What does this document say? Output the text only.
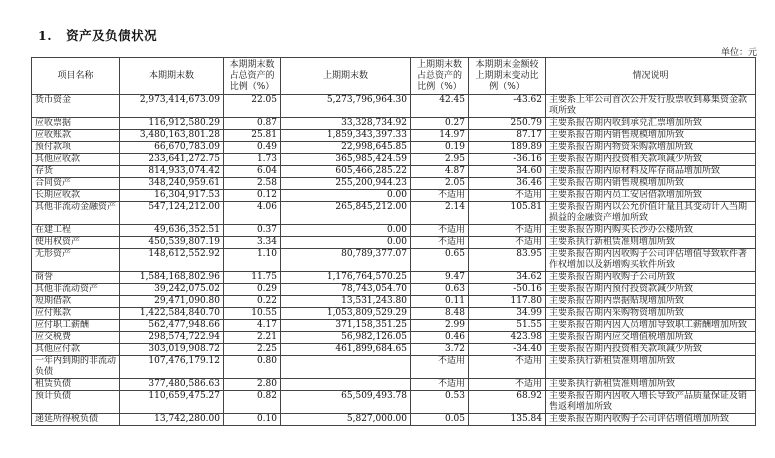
1. 资产及负债状况
单位：元
项目名称	本期期末数	本期期末数占总资产的比例（%）	上期期末数	上期期末数占总资产的比例（%）	本期期末金额较上期期末变动比例（%）	情况说明
货币资金	2,973,414,673.09	22.05	5,273,796,964.30	42.45	-43.62	主要系上年公司首次公开发行股票收到募集资金款项所致
应收票据	116,912,580.29	0.87	33,328,734.92	0.27	250.79	主要系报告期内收到承兑汇票增加所致
应收账款	3,480,163,801.28	25.81	1,859,343,397.33	14.97	87.17	主要系报告期内销售规模增加所致
预付款项	66,670,783.09	0.49	22,998,645.85	0.19	189.89	主要系报告期内物资采购款增加所致
其他应收款	233,641,272.75	1.73	365,985,424.59	2.95	-36.16	主要系报告期内投资相关款项减少所致
存货	814,933,074.42	6.04	605,466,285.22	4.87	34.60	主要系报告期内原材料及库存商品增加所致
合同资产	348,240,959.61	2.58	255,200,944.23	2.05	36.46	主要系报告期内销售规模增加所致
长期应收款	16,304,917.53	0.12	0.00	不适用	不适用	主要系报告期内员工安居借款增加所致
其他非流动金融资产	547,124,212.00	4.06	265,845,212.00	2.14	105.81	主要系报告期内以公允价值计量且其变动计入当期损益的金融资产增加所致
在建工程	49,636,352.51	0.37	0.00	不适用	不适用	主要系报告期内购买长沙办公楼所致
使用权资产	450,539,807.19	3.34	0.00	不适用	不适用	主要系执行新租赁准则增加所致
无形资产	148,612,552.92	1.10	80,789,377.07	0.65	83.95	主要系报告期内因收购子公司评估增值导致软件著作权增加以及新增购买软件所致
商誉	1,584,168,802.96	11.75	1,176,764,570.25	9.47	34.62	主要系报告期内收购子公司所致
其他非流动资产	39,242,075.02	0.29	78,743,054.70	0.63	-50.16	主要系报告期内预付投资款减少所致
短期借款	29,471,090.80	0.22	13,531,243.80	0.11	117.80	主要系报告期内票据贴现增加所致
应付账款	1,422,584,840.70	10.55	1,053,809,529.29	8.48	34.99	主要系报告期内采购物资增加所致
应付职工薪酬	562,477,948.66	4.17	371,158,351.25	2.99	51.55	主要系报告期内因人员增加导致职工薪酬增加所致
应交税费	298,574,722.94	2.21	56,982,126.05	0.46	423.98	主要系报告期内应交增值税增加所致
其他应付款	303,019,908.72	2.25	461,899,684.65	3.72	-34.40	主要系报告期内投资相关款项减少所致
一年内到期的非流动负债	107,476,179.12	0.80		不适用	不适用	主要系执行新租赁准则增加所致
租赁负债	377,480,586.63	2.80		不适用	不适用	主要系执行新租赁准则增加所致
预计负债	110,659,475.27	0.82	65,509,493.78	0.53	68.92	主要系报告期内因收入增长导致产品质量保证及销售返利增加所致
递延所得税负债	13,742,280.00	0.10	5,827,000.00	0.05	135.84	主要系报告期内收购子公司评估增值增加所致
